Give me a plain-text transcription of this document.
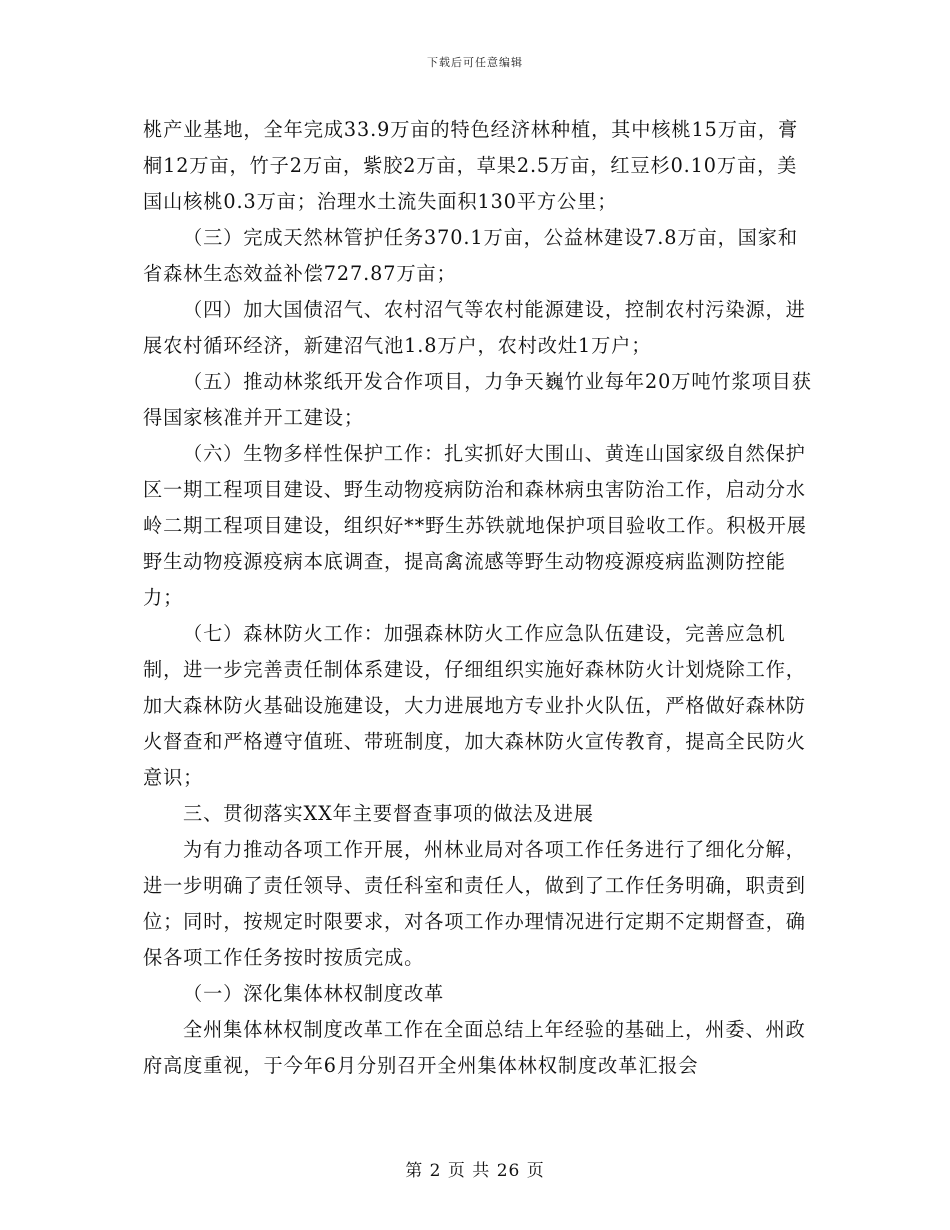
下载后可任意编辑

桃产业基地，全年完成33.9万亩的特色经济林种植，其中核桃15万亩，膏桐12万亩，竹子2万亩，紫胶2万亩，草果2.5万亩，红豆杉0.10万亩，美国山核桃0.3万亩；治理水土流失面积130平方公里；

（三）完成天然林管护任务370.1万亩，公益林建设7.8万亩，国家和省森林生态效益补偿727.87万亩；

（四）加大国债沼气、农村沼气等农村能源建设，控制农村污染源，进展农村循环经济，新建沼气池1.8万户，农村改灶1万户；

（五）推动林浆纸开发合作项目，力争天巍竹业每年20万吨竹浆项目获得国家核准并开工建设；

（六）生物多样性保护工作：扎实抓好大围山、黄连山国家级自然保护区一期工程项目建设、野生动物疫病防治和森林病虫害防治工作，启动分水岭二期工程项目建设，组织好**野生苏铁就地保护项目验收工作。积极开展野生动物疫源疫病本底调查，提高禽流感等野生动物疫源疫病监测防控能力；

（七）森林防火工作：加强森林防火工作应急队伍建设，完善应急机制，进一步完善责任制体系建设，仔细组织实施好森林防火计划烧除工作，加大森林防火基础设施建设，大力进展地方专业扑火队伍，严格做好森林防火督查和严格遵守值班、带班制度，加大森林防火宣传教育，提高全民防火意识；

三、贯彻落实XX年主要督查事项的做法及进展

为有力推动各项工作开展，州林业局对各项工作任务进行了细化分解，进一步明确了责任领导、责任科室和责任人，做到了工作任务明确，职责到位；同时，按规定时限要求，对各项工作办理情况进行定期不定期督查，确保各项工作任务按时按质完成。

（一）深化集体林权制度改革

全州集体林权制度改革工作在全面总结上年经验的基础上，州委、州政府高度重视，于今年6月分别召开全州集体林权制度改革汇报会

第 2 页 共 26 页
